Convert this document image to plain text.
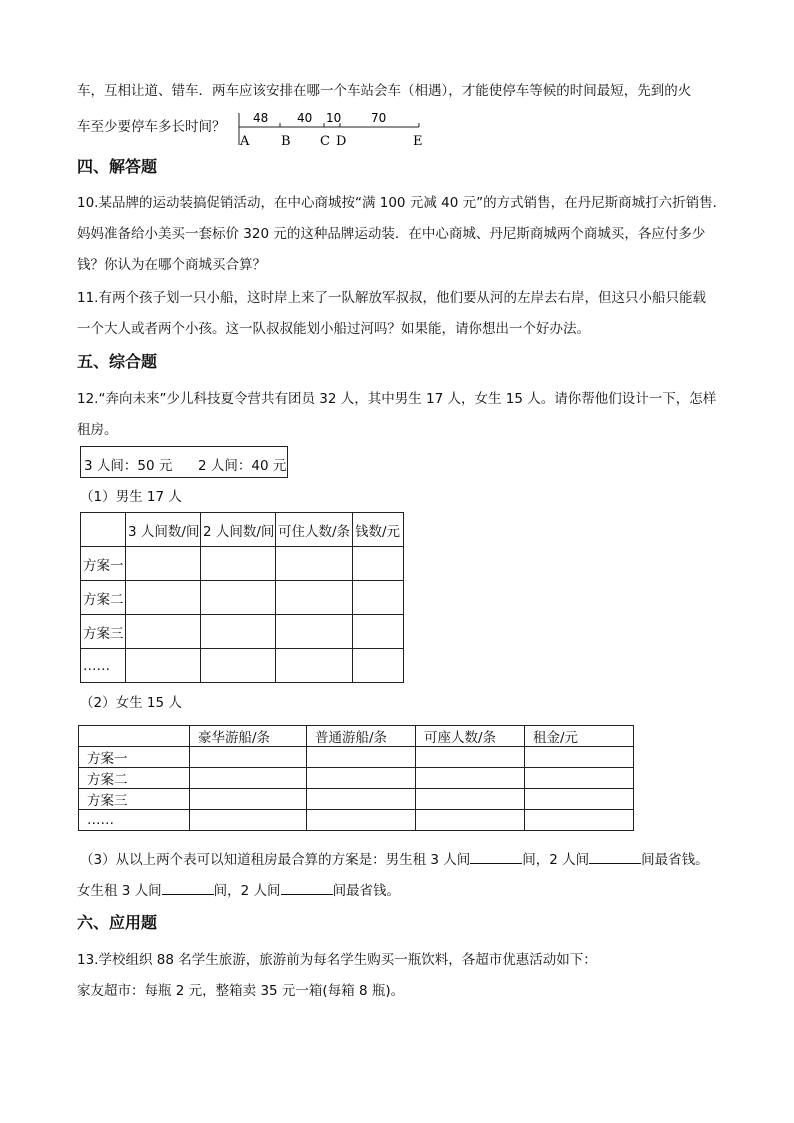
车，互相让道、错车．两车应该安排在哪一个车站会车（相遇），才能使停车等候的时间最短，先到的火
车至少要停车多长时间？
48 40 10 70
A B C D	E
四、解答题
10.某品牌的运动装搞促销活动，在中心商城按“满 100 元减 40 元”的方式销售，在丹尼斯商城打六折销售．
妈妈准备给小美买一套标价 320 元的这种品牌运动装．在中心商城、丹尼斯商城两个商城买，各应付多少
钱？你认为在哪个商城买合算？
11.有两个孩子划一只小船，这时岸上来了一队解放军叔叔，他们要从河的左岸去右岸，但这只小船只能载
一个大人或者两个小孩。这一队叔叔能划小船过河吗？如果能，请你想出一个好办法。
五、综合题
12.“奔向未来”少儿科技夏令营共有团员 32 人，其中男生 17 人，女生 15 人。请你帮他们设计一下，怎样
租房。
3 人间：50 元 2 人间：40 元
（1）男生 17 人
	3 人间数/间	2 人间数/间	可住人数/条	钱数/元
方案一				
方案二				
方案三				
……				
（2）女生 15 人
	豪华游船/条	普通游船/条	可座人数/条	租金/元
方案一				
方案二				
方案三				
……				
（3）从以上两个表可以知道租房最合算的方案是：男生租 3 人间	间，2 人间	间最省钱。
女生租 3 人间	间，2 人间	间最省钱。
六、应用题
13.学校组织 88 名学生旅游，旅游前为每名学生购买一瓶饮料，各超市优惠活动如下：
家友超市：每瓶 2 元，整箱卖 35 元一箱(每箱 8 瓶)。
